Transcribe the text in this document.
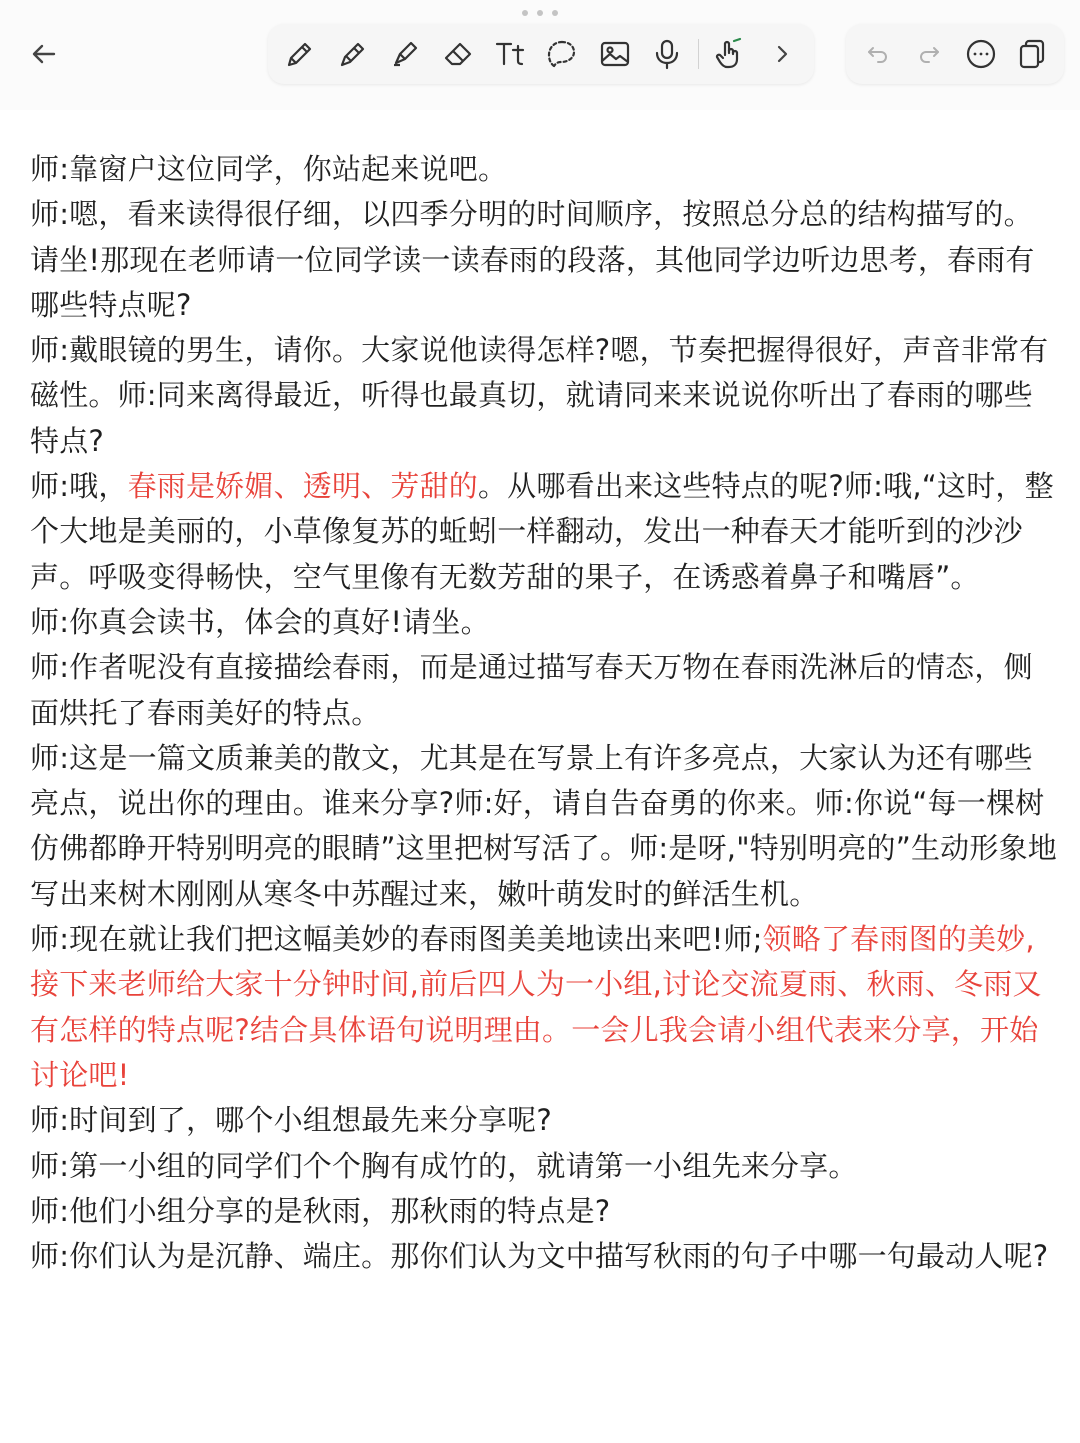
师:靠窗户这位同学，你站起来说吧。

师:嗯，看来读得很仔细，以四季分明的时间顺序，按照总分总的结构描写的。请坐!那现在老师请一位同学读一读春雨的段落，其他同学边听边思考，春雨有哪些特点呢?

师:戴眼镜的男生，请你。大家说他读得怎样?嗯，节奏把握得很好，声音非常有磁性。师:同来离得最近，听得也最真切，就请同来来说说你听出了春雨的哪些特点?

师:哦，春雨是娇媚、透明、芳甜的。从哪看出来这些特点的呢?师:哦,“这时，整个大地是美丽的，小草像复苏的蚯蚓一样翻动，发出一种春天才能听到的沙沙声。呼吸变得畅快，空气里像有无数芳甜的果子，在诱惑着鼻子和嘴唇”。

师:你真会读书，体会的真好!请坐。

师:作者呢没有直接描绘春雨，而是通过描写春天万物在春雨洗淋后的情态，侧面烘托了春雨美好的特点。

师:这是一篇文质兼美的散文，尤其是在写景上有许多亮点，大家认为还有哪些亮点，说出你的理由。谁来分享?师:好，请自告奋勇的你来。师:你说“每一棵树仿佛都睁开特别明亮的眼睛”这里把树写活了。师:是呀,"特别明亮的”生动形象地写出来树木刚刚从寒冬中苏醒过来，嫩叶萌发时的鲜活生机。

师:现在就让我们把这幅美妙的春雨图美美地读出来吧!师;领略了春雨图的美妙,接下来老师给大家十分钟时间,前后四人为一小组,讨论交流夏雨、秋雨、冬雨又有怎样的特点呢?结合具体语句说明理由。一会儿我会请小组代表来分享，开始讨论吧!

师:时间到了，哪个小组想最先来分享呢?

师:第一小组的同学们个个胸有成竹的，就请第一小组先来分享。

师:他们小组分享的是秋雨，那秋雨的特点是?

师:你们认为是沉静、端庄。那你们认为文中描写秋雨的句子中哪一句最动人呢?
